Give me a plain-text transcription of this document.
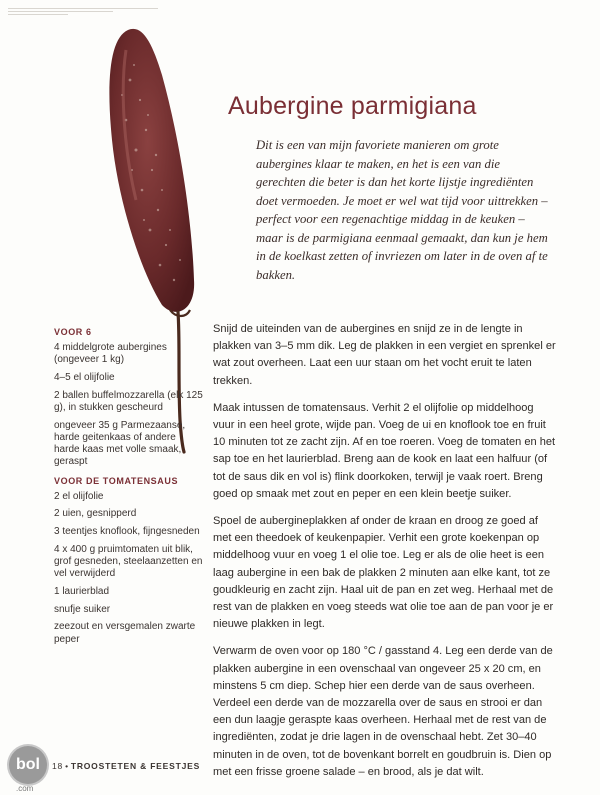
Aubergine parmigiana

Dit is een van mijn favoriete manieren om grote aubergines klaar te maken, en het is een van die gerechten die beter is dan het korte lijstje ingrediënten doet vermoeden. Je moet er wel wat tijd voor uittrekken – perfect voor een regenachtige middag in de keuken – maar is de parmigiana eenmaal gemaakt, dan kun je hem in de koelkast zetten of invriezen om later in de oven af te bakken.

VOOR 6
4 middelgrote aubergines (ongeveer 1 kg)
4–5 el olijfolie
2 ballen buffelmozzarella (elk 125 g), in stukken gescheurd
ongeveer 35 g Parmezaanse, harde geitenkaas of andere harde kaas met volle smaak, geraspt
VOOR DE TOMATENSAUS
2 el olijfolie
2 uien, gesnipperd
3 teentjes knoflook, fijngesneden
4 x 400 g pruimtomaten uit blik, grof gesneden, steelaanzetten en vel verwijderd
1 laurierblad
snufje suiker
zeezout en versgemalen zwarte peper

Snijd de uiteinden van de aubergines en snijd ze in de lengte in plakken van 3–5 mm dik. Leg de plakken in een vergiet en sprenkel er wat zout overheen. Laat een uur staan om het vocht eruit te laten trekken.

Maak intussen de tomatensaus. Verhit 2 el olijfolie op middelhoog vuur in een heel grote, wijde pan. Voeg de ui en knoflook toe en fruit 10 minuten tot ze zacht zijn. Af en toe roeren. Voeg de tomaten en het sap toe en het laurierblad. Breng aan de kook en laat een halfuur (of tot de saus dik en vol is) flink doorkoken, terwijl je vaak roert. Breng goed op smaak met zout en peper en een klein beetje suiker.

Spoel de aubergineplakken af onder de kraan en droog ze goed af met een theedoek of keukenpapier. Verhit een grote koekenpan op middelhoog vuur en voeg 1 el olie toe. Leg er als de olie heet is een laag aubergine in een bak de plakken 2 minuten aan elke kant, tot ze goudkleurig en zacht zijn. Haal uit de pan en zet weg. Herhaal met de rest van de plakken en voeg steeds wat olie toe aan de pan voor je er nieuwe plakken in legt.

Verwarm de oven voor op 180 °C / gasstand 4. Leg een derde van de plakken aubergine in een ovenschaal van ongeveer 25 x 20 cm, en minstens 5 cm diep. Schep hier een derde van de saus overheen. Verdeel een derde van de mozzarella over de saus en strooi er dan een dun laagje geraspte kaas overheen. Herhaal met de rest van de ingrediënten, zodat je drie lagen in de ovenschaal hebt. Zet 30–40 minuten in de oven, tot de bovenkant borrelt en goudbruin is. Dien op met een frisse groene salade – en brood, als je dat wilt.

bol
.com
18 • TROOSTETEN & FEESTJES
